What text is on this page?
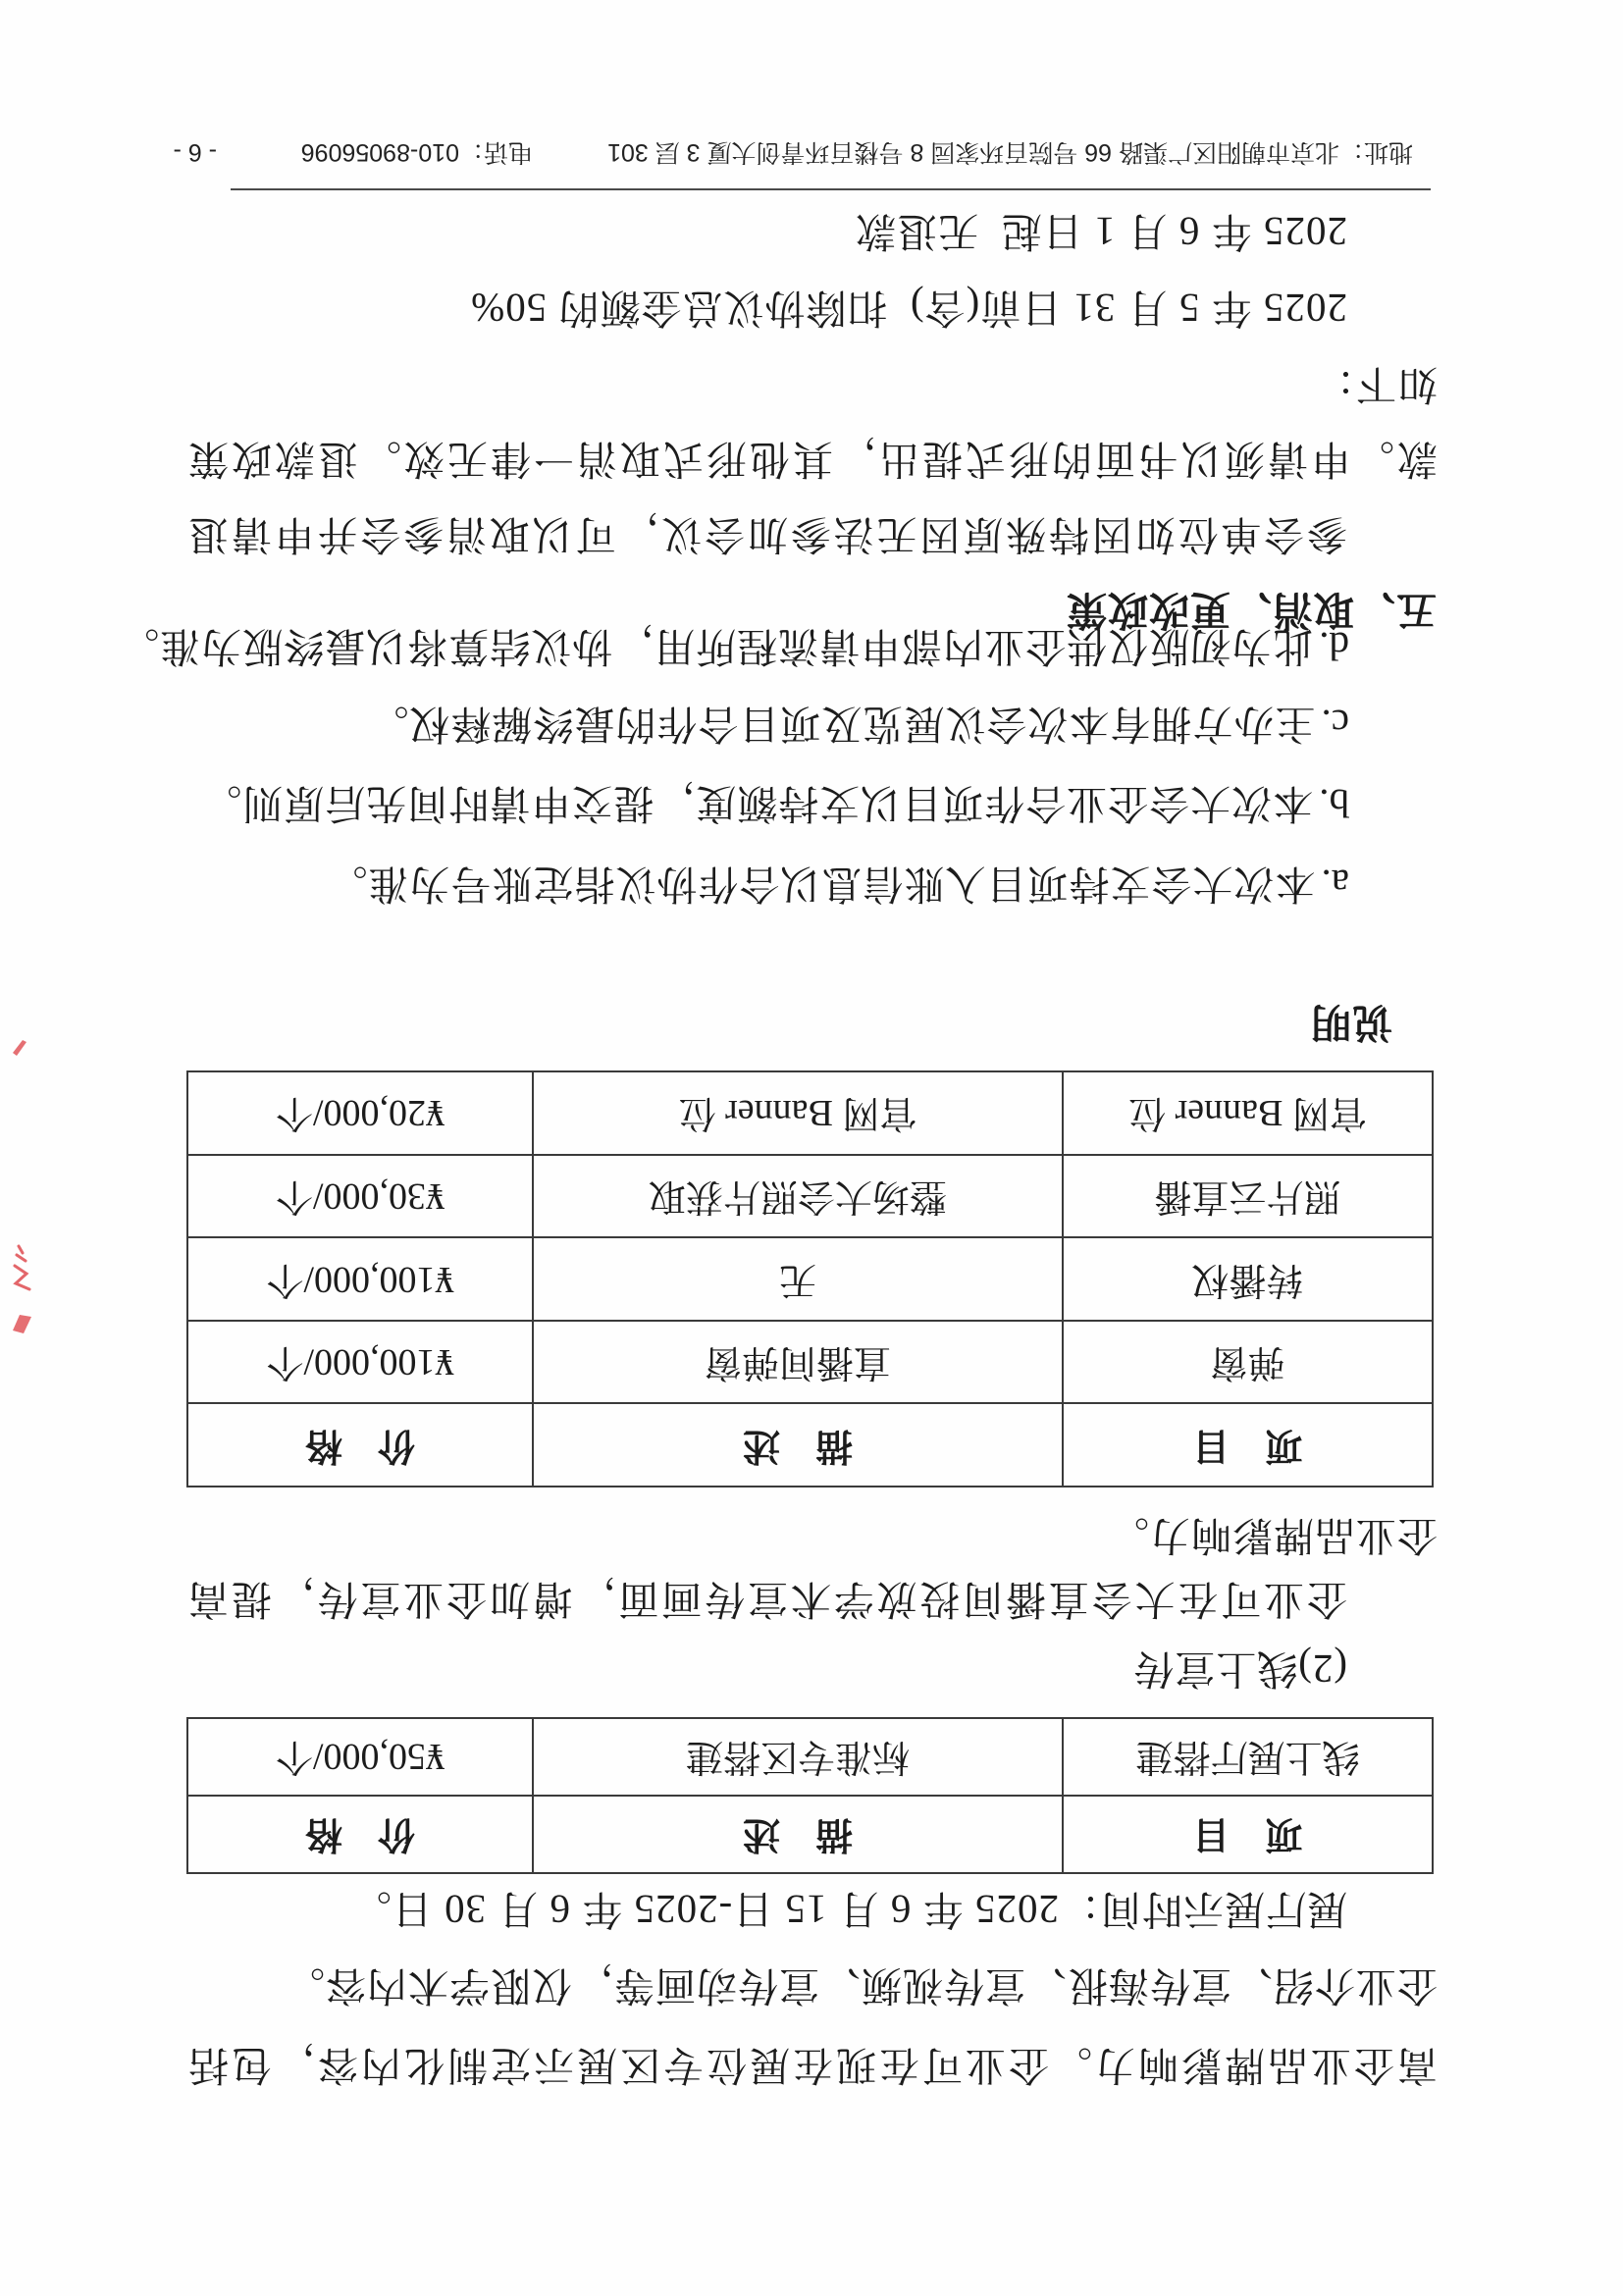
高企业品牌影响力。企业可在现在展位专区展示定制化内容，包括
企业介绍、宣传海报、宣传视频、宣传动画等，仅限学术内容。
展厅展示时间：2025 年 6 月 15 日-2025 年 6 月 30 日。
项 目	描 述	价 格
线上展厅搭建	标准专区搭建	¥50,000/个
(2)线上宣传
企业可在大会直播间投放学术宣传画面，增加企业宣传，提高
企业品牌影响力。
项 目	描 述	价 格
弹窗	直播间弹窗	¥100,000/个
转播权	无	¥100,000/个
照片云直播	整场大会照片获取	¥30,000/个
官网 Banner 位	官网 Banner 位	¥20,000/个
说明

a.本次大会支持项目入账信息以合作协议指定账号为准。

b.本次大会企业合作项目以支持额度，提交申请时间先后原则。

c.主办方拥有本次会议展览及项目合作的最终解释权。

d.此为初版仅供企业内部申请流程所用，协议结算将以最终版为准。

五、取消、更改政策
参会单位如因特殊原因无法参加会议，可以取消参会并申请退
款。申请须以书面的形式提出，其他形式取消一律无效。退款政策
如下：
2025 年 5 月 31 日前(含)  扣除协议总金额的 50%
2025 年 6 月 1 日起  无退款
地址：北京市朝阳区广渠路 66 号院百环家园 8 号楼百环青创大厦 3 层 301
电话：010-89056096
- 6 -
